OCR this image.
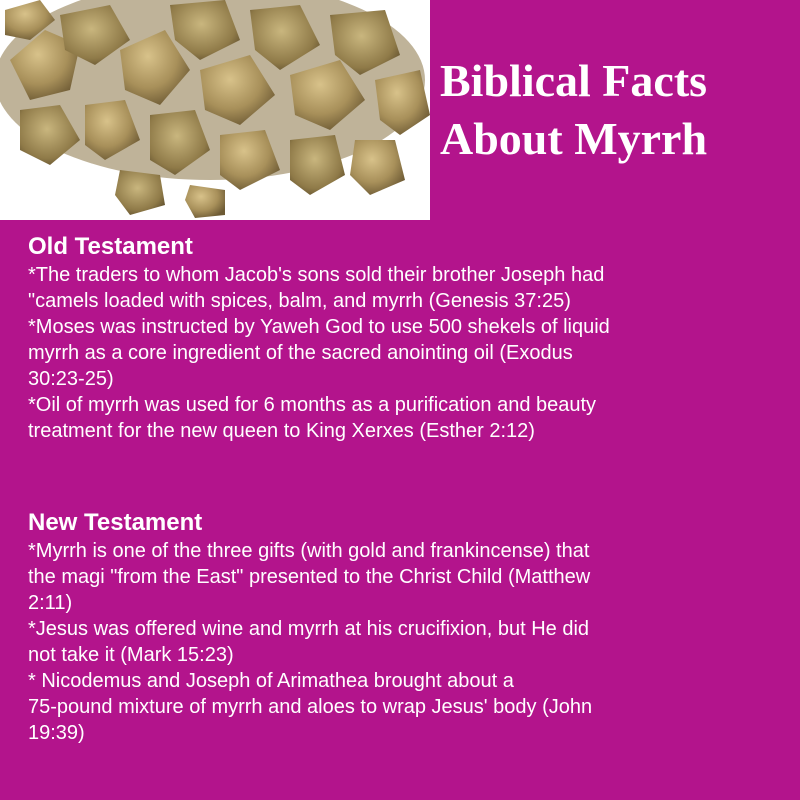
Biblical Facts
About Myrrh
Old Testament

*The traders to whom Jacob's sons sold their brother Joseph had
"camels loaded with spices, balm, and myrrh (Genesis 37:25)
*Moses was instructed by Yaweh God to use 500 shekels of liquid
myrrh as a core ingredient of the sacred anointing oil (Exodus
30:23-25)
*Oil of myrrh was used for 6 months as a purification and beauty
treatment for the new queen to King Xerxes (Esther 2:12)

New Testament

*Myrrh is one of the three gifts (with gold and frankincense) that
the magi "from the East" presented to the Christ Child (Matthew
2:11)
*Jesus was offered wine and myrrh at his crucifixion, but He did
not take it (Mark 15:23)
* Nicodemus and Joseph of Arimathea brought about a
75-pound mixture of myrrh and aloes to wrap Jesus' body (John
19:39)
